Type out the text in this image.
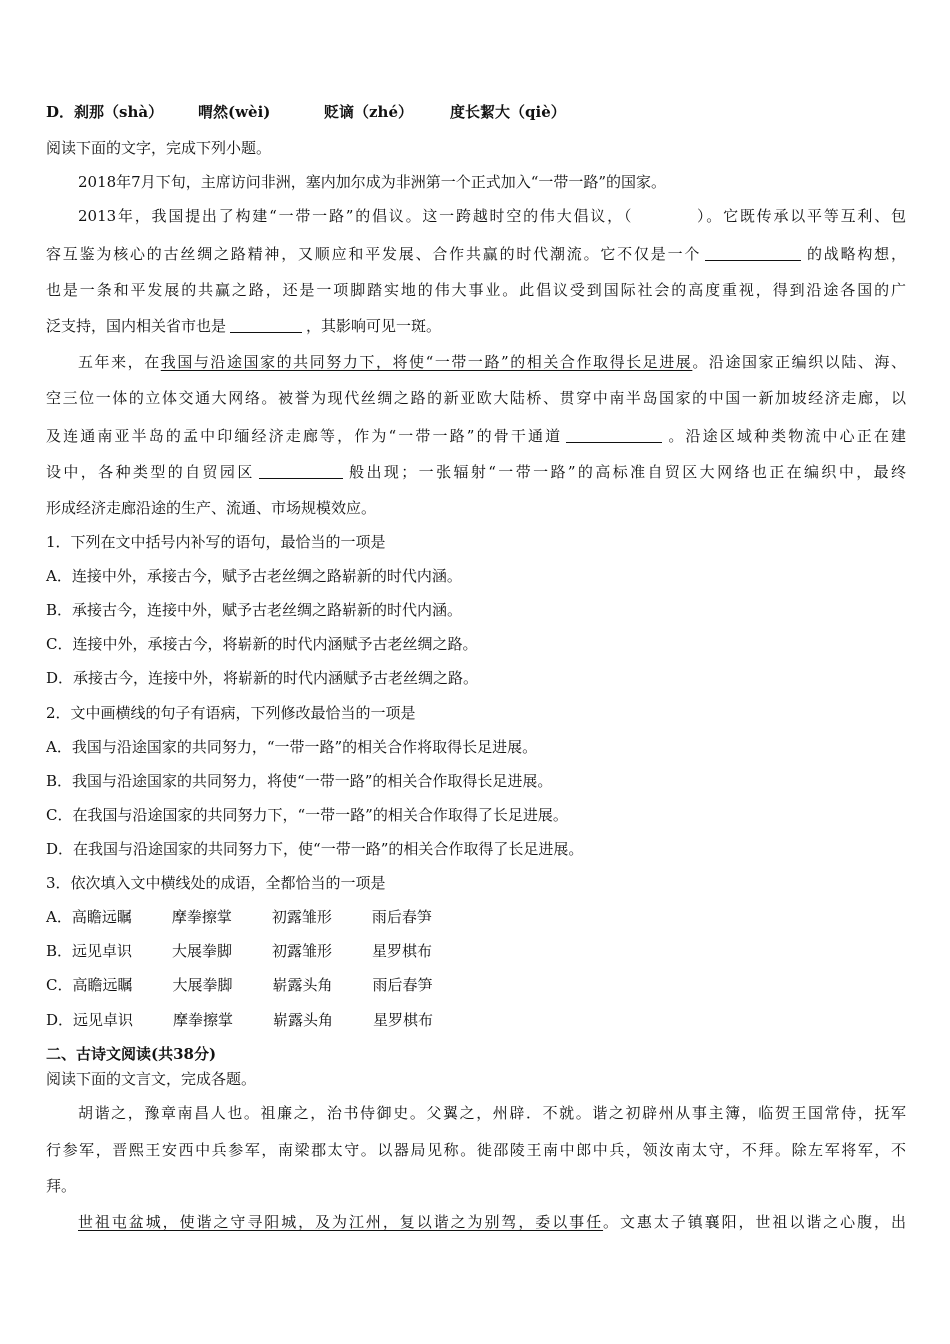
D．刹那（shà） 喟然(wèi)	贬谪（zhé） 度长絜大（qiè）
阅读下面的文字，完成下列小题。
2018年7月下旬，主席访问非洲，塞内加尔成为非洲第一个正式加入“一带一路”的国家。
2013年，我国提出了构建“一带一路”的倡议。这一跨越时空的伟大倡议，（	）。它既传承以平等互利、包
容互鉴为核心的古丝绸之路精神，又顺应和平发展、合作共赢的时代潮流。它不仅是一个	的战略构想，
也是一条和平发展的共赢之路，还是一项脚踏实地的伟大事业。此倡议受到国际社会的高度重视，得到沿途各国的广
泛支持，国内相关省市也是	，其影响可见一斑。
五年来，在我国与沿途国家的共同努力下，将使“一带一路”的相关合作取得长足进展。沿途国家正编织以陆、海、
空三位一体的立体交通大网络。被誉为现代丝绸之路的新亚欧大陆桥、贯穿中南半岛国家的中国一新加坡经济走廊，以
及连通南亚半岛的孟中印缅经济走廊等，作为“一带一路”的骨干通道	。沿途区域种类物流中心正在建
设中，各种类型的自贸园区	般出现；一张辐射“一带一路”的高标准自贸区大网络也正在编织中，最终
形成经济走廊沿途的生产、流通、市场规模效应。
1．下列在文中括号内补写的语句，最恰当的一项是
A．连接中外，承接古今，赋予古老丝绸之路崭新的时代内涵。
B．承接古今，连接中外，赋予古老丝绸之路崭新的时代内涵。
C．连接中外，承接古今，将崭新的时代内涵赋予古老丝绸之路。
D．承接古今，连接中外，将崭新的时代内涵赋予古老丝绸之路。
2．文中画横线的句子有语病，下列修改最恰当的一项是
A．我国与沿途国家的共同努力，“一带一路”的相关合作将取得长足进展。
B．我国与沿途国家的共同努力，将使“一带一路”的相关合作取得长足进展。
C．在我国与沿途国家的共同努力下，“一带一路”的相关合作取得了长足进展。
D．在我国与沿途国家的共同努力下，使“一带一路”的相关合作取得了长足进展。
3．依次填入文中横线处的成语，全都恰当的一项是
A．高瞻远瞩	摩拳擦掌	初露雏形	雨后春笋
B．远见卓识	大展拳脚	初露雏形	星罗棋布
C．高瞻远瞩	大展拳脚	崭露头角	雨后春笋
D．远见卓识	摩拳擦掌	崭露头角	星罗棋布
二、古诗文阅读(共38分)
阅读下面的文言文，完成各题。
胡谐之，豫章南昌人也。祖廉之，治书侍御史。父翼之，州辟．不就。谐之初辟州从事主簿，临贺王国常侍，抚军
行参军，晋熙王安西中兵参军，南梁郡太守。以器局见称。徙邵陵王南中郎中兵，领汝南太守，不拜。除左军将军，不
拜。
世祖屯盆城，使谐之守寻阳城，及为江州，复以谐之为别驾，委以事任。文惠太子镇襄阳，世祖以谐之心腹，出
